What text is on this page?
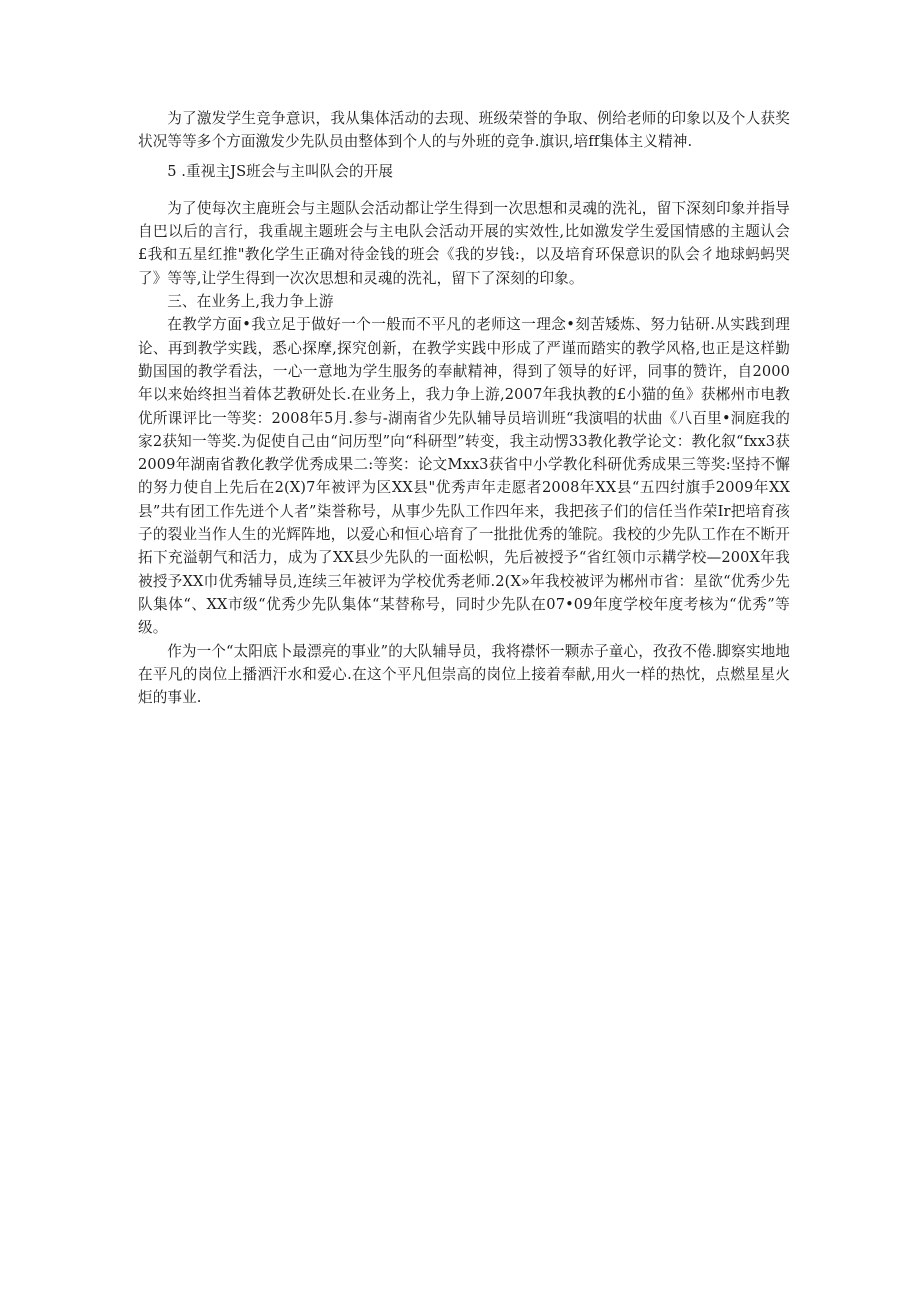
为了激发学生竞争意识，我从集体活动的去现、班级荣誉的争取、例给老师的印象以及个人获奖状况等等多个方面激发少先队员由整体到个人的与外班的竞争.旗识,培ff集体主义精神.

5 .重视主JS班会与主叫队会的开展

为了使每次主鹿班会与主题队会活动都让学生得到一次思想和灵魂的洗礼，留下深刻印象并指导自巴以后的言行，我重觇主题班会与主电队会活动开展的实效性,比如激发学生爱国情感的主题认会£我和五星红推"教化学生正确对待金钱的班会《我的岁钱:，以及培育环保意识的队会彳地球蚂蚂哭了》等等,让学生得到一次次思想和灵魂的洗礼，留下了深刻的印象。

三、在业务上,我力争上游

在教学方面•我立足于做好一个一般而不平凡的老师这一理念•刻苦矮炼、努力钻研.从实践到理论、再到教学实践，悉心探摩,探究创新，在教学实践中形成了严谨而踏实的教学风格,也正是这样勤勤国国的教学看法，一心一意地为学生服务的奉献精神，得到了领导的好评，同事的赞许，自2000年以来始终担当着体艺教研处长.在业务上，我力争上游,2007年我执教的£小猫的鱼》获郴州市电教优所课评比一等奖：2008年5月.参与-湖南省少先队辅导员培训班“我演唱的状曲《八百里•洞庭我的家2获知一等奖.为促使自己由“问历型”向“科研型”转变，我主动愣33教化教学论文：教化叙“fxx3获2009年湖南省教化教学优秀成果二:等奖：论文Mxx3获省中小学教化科研优秀成果三等奖:坚持不懈的努力使自上先后在2(X)7年被评为区XX县"优秀声年走愿者2008年XX县“五四纣旗手2009年XX县”共有团工作先迸个人者”柒誉称号，从事少先队工作四年来，我把孩子们的信任当作荣Ir把培育孩子的裂业当作人生的光辉阵地，以爱心和恒心培育了一批批优秀的雏院。我校的少先队工作在不断开拓下充溢朝气和活力，成为了XX县少先队的一面松帜，先后被授予“省红领巾示耩学校—200X年我被授予XX巾优秀辅导员,连续三年被评为学校优秀老师.2(X»年我校被评为郴州市省：星欲“优秀少先队集体“、XX市级“优秀少先队集体“某替称号，同时少先队在07•09年度学校年度考核为“优秀”等级。

作为一个“太阳底卜最漂亮的事业”的大队辅导员，我将襟怀一颗赤子童心，孜孜不倦.脚察实地地在平凡的岗位上播洒汗水和爱心.在这个平凡但崇高的岗位上接着奉献,用火一样的热忱，点燃星星火炬的事业.
